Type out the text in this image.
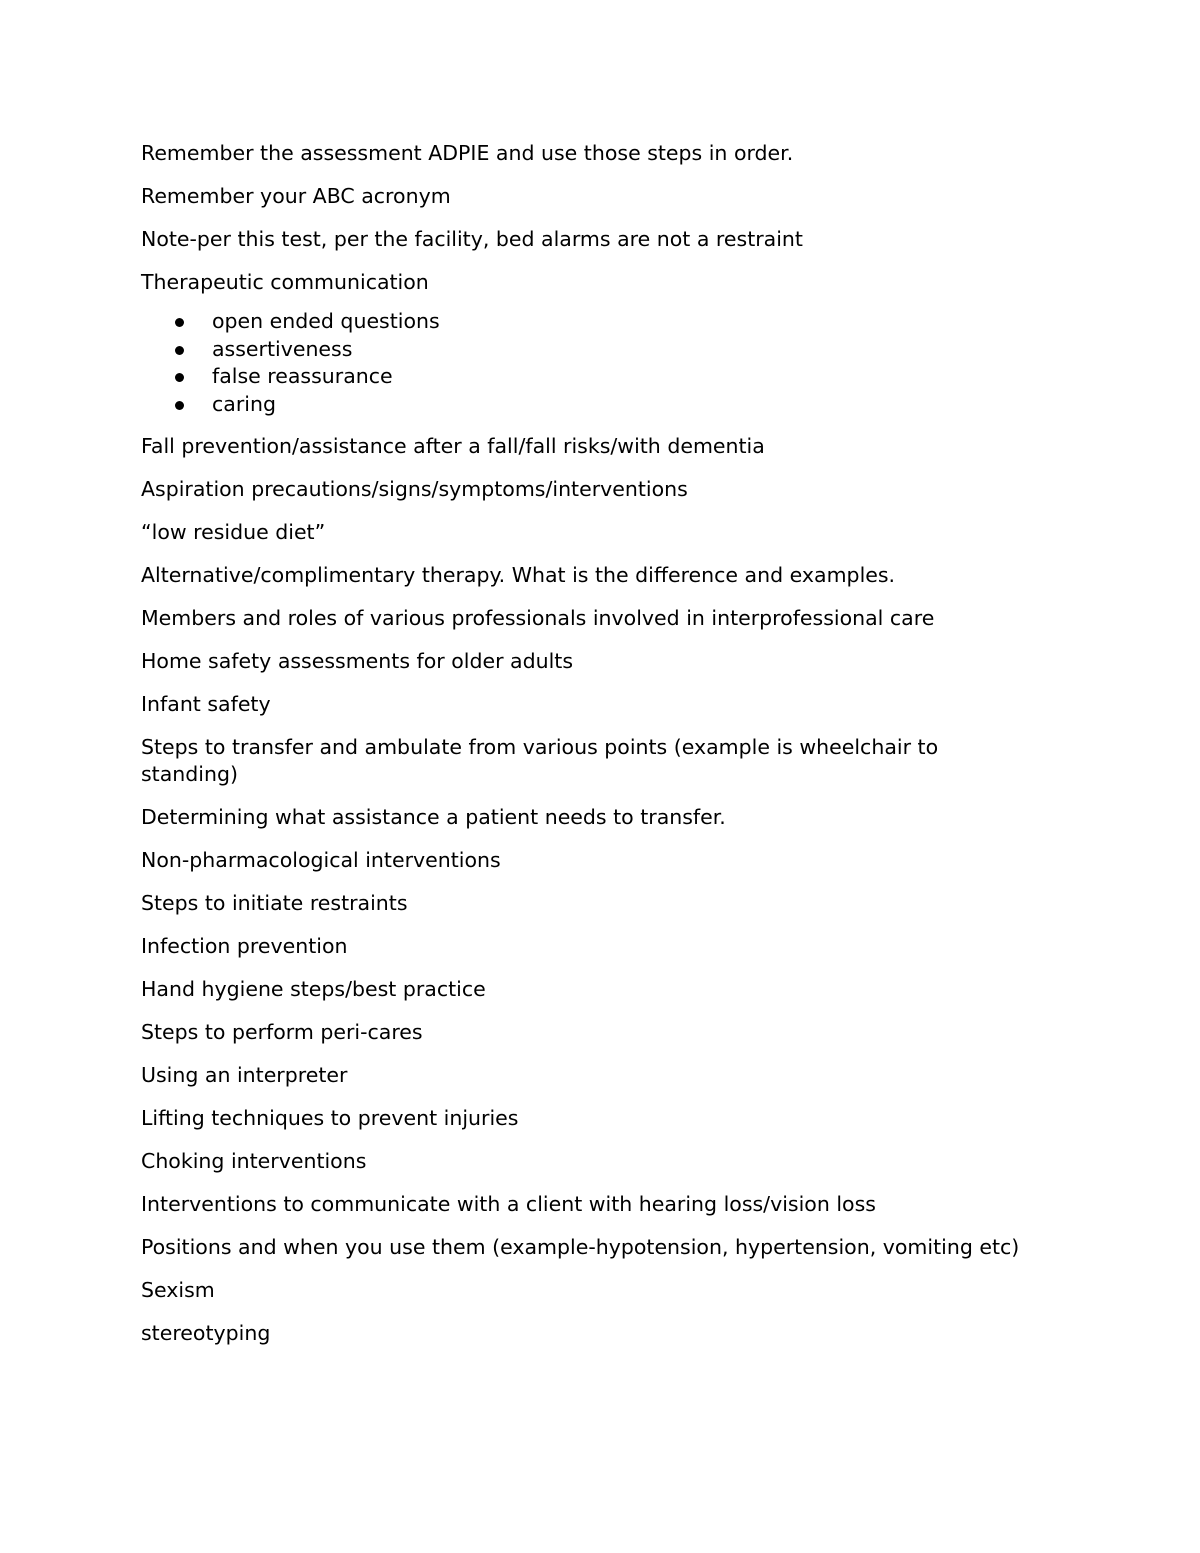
Remember the assessment ADPIE and use those steps in order.

Remember your ABC acronym

Note-per this test, per the facility, bed alarms are not a restraint

Therapeutic communication

open ended questions
assertiveness
false reassurance
caring

Fall prevention/assistance after a fall/fall risks/with dementia

Aspiration precautions/signs/symptoms/interventions

“low residue diet”

Alternative/complimentary therapy. What is the difference and examples.

Members and roles of various professionals involved in interprofessional care

Home safety assessments for older adults

Infant safety

Steps to transfer and ambulate from various points (example is wheelchair to standing)

Determining what assistance a patient needs to transfer.

Non-pharmacological interventions

Steps to initiate restraints

Infection prevention

Hand hygiene steps/best practice

Steps to perform peri-cares

Using an interpreter

Lifting techniques to prevent injuries

Choking interventions

Interventions to communicate with a client with hearing loss/vision loss

Positions and when you use them (example-hypotension, hypertension, vomiting etc)

Sexism

stereotyping
